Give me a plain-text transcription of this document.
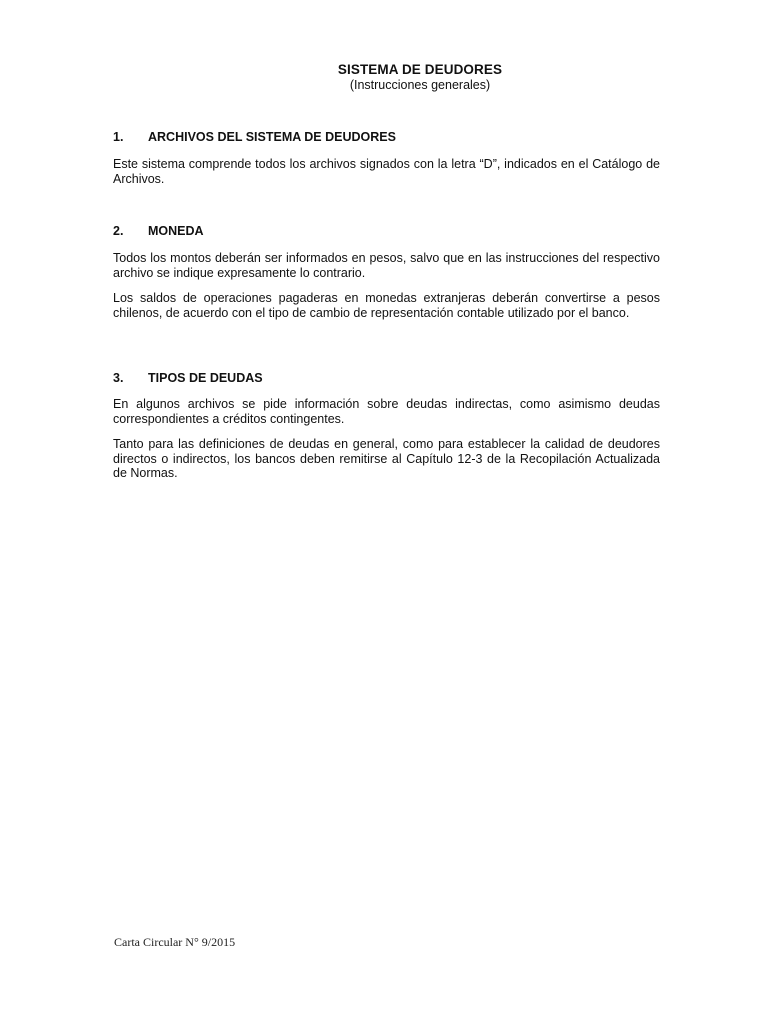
SISTEMA DE DEUDORES
(Instrucciones generales)
1. ARCHIVOS DEL SISTEMA DE DEUDORES
Este sistema comprende todos los archivos signados con la letra “D”, indicados en el Catálogo de Archivos.
2. MONEDA
Todos los montos deberán ser informados en pesos, salvo que en las instrucciones del respectivo archivo se indique expresamente lo contrario.
Los saldos de operaciones pagaderas en monedas extranjeras deberán convertirse a pesos chilenos, de acuerdo con el tipo de cambio de representación contable utilizado por el banco.
3. TIPOS DE DEUDAS
En algunos archivos se pide información sobre deudas indirectas, como asimismo deudas correspondientes a créditos contingentes.
Tanto para las definiciones de deudas en general, como para establecer la calidad de deudores directos o indirectos, los bancos deben remitirse al Capítulo 12-3 de la Recopilación Actualizada de Normas.
Carta Circular N° 9/2015
